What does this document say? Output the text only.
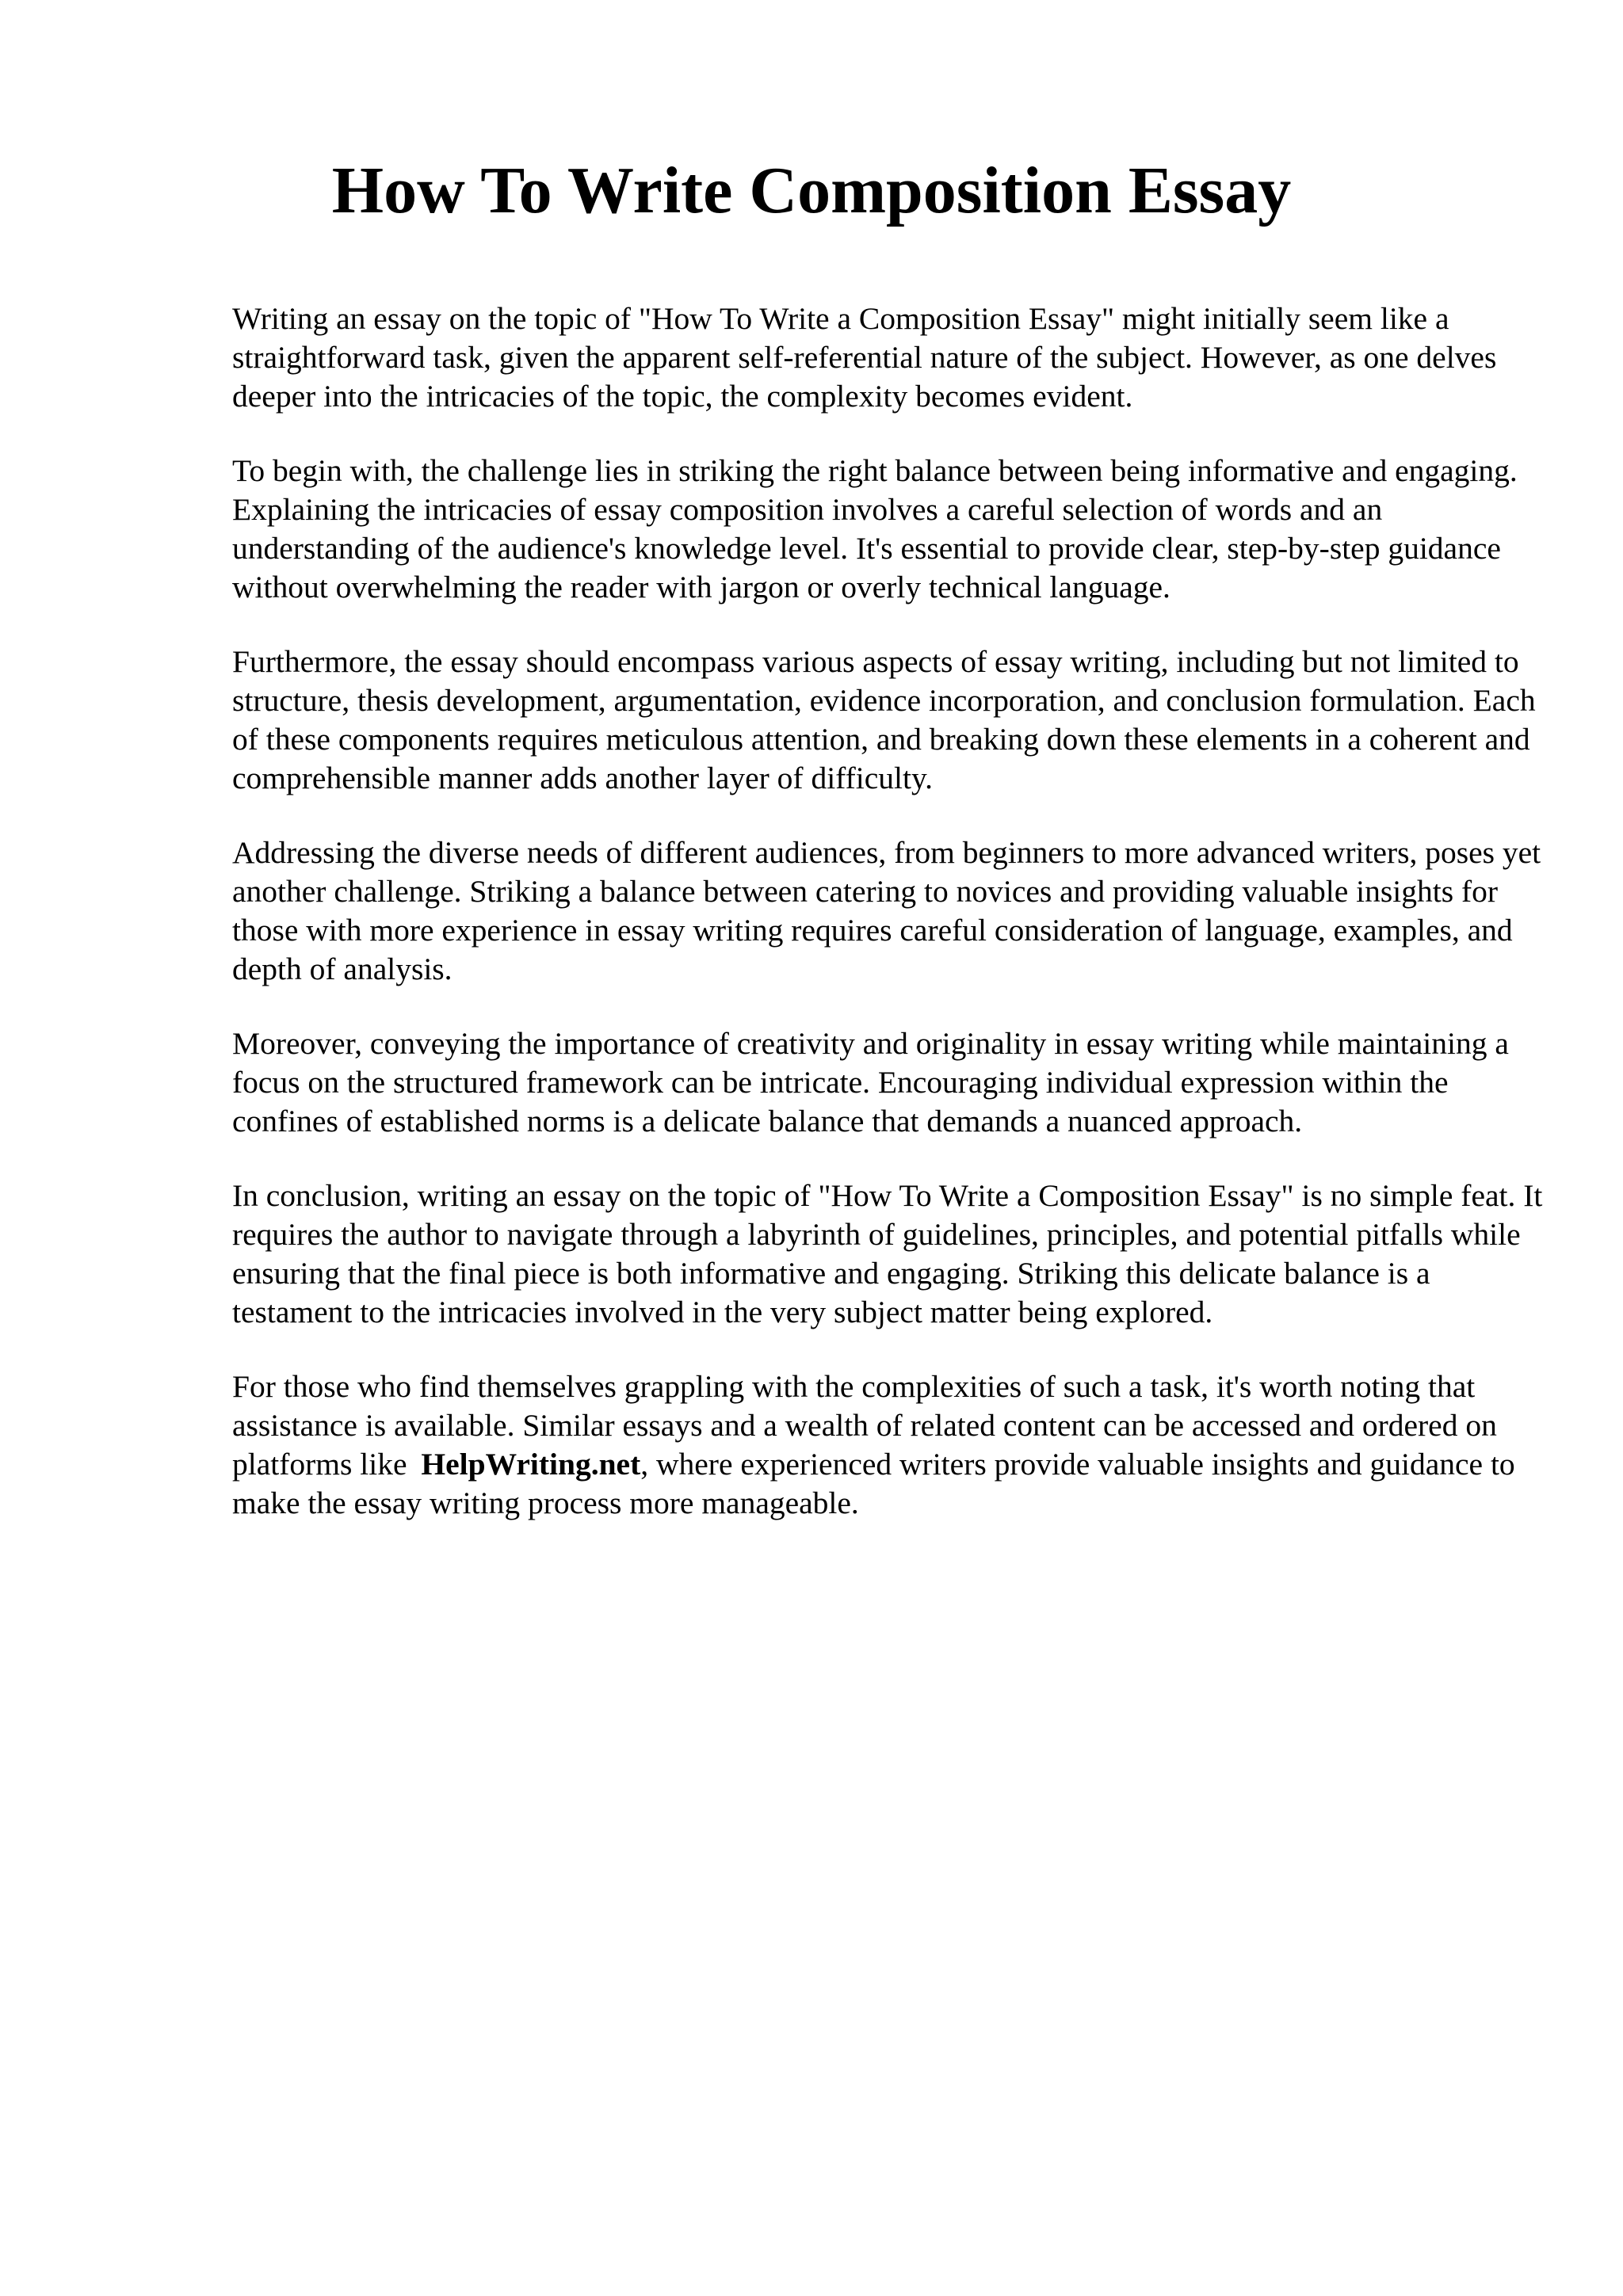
How To Write Composition Essay

Writing an essay on the topic of "How To Write a Composition Essay" might initially seem like a straightforward task, given the apparent self-referential nature of the subject. However, as one delves deeper into the intricacies of the topic, the complexity becomes evident.

To begin with, the challenge lies in striking the right balance between being informative and engaging. Explaining the intricacies of essay composition involves a careful selection of words and an understanding of the audience's knowledge level. It's essential to provide clear, step-by-step guidance without overwhelming the reader with jargon or overly technical language.

Furthermore, the essay should encompass various aspects of essay writing, including but not limited to structure, thesis development, argumentation, evidence incorporation, and conclusion formulation. Each of these components requires meticulous attention, and breaking down these elements in a coherent and comprehensible manner adds another layer of difficulty.

Addressing the diverse needs of different audiences, from beginners to more advanced writers, poses yet another challenge. Striking a balance between catering to novices and providing valuable insights for those with more experience in essay writing requires careful consideration of language, examples, and depth of analysis.

Moreover, conveying the importance of creativity and originality in essay writing while maintaining a focus on the structured framework can be intricate. Encouraging individual expression within the confines of established norms is a delicate balance that demands a nuanced approach.

In conclusion, writing an essay on the topic of "How To Write a Composition Essay" is no simple feat. It requires the author to navigate through a labyrinth of guidelines, principles, and potential pitfalls while ensuring that the final piece is both informative and engaging. Striking this delicate balance is a testament to the intricacies involved in the very subject matter being explored.

For those who find themselves grappling with the complexities of such a task, it's worth noting that assistance is available. Similar essays and a wealth of related content can be accessed and ordered on platforms like HelpWriting.net, where experienced writers provide valuable insights and guidance to make the essay writing process more manageable.
